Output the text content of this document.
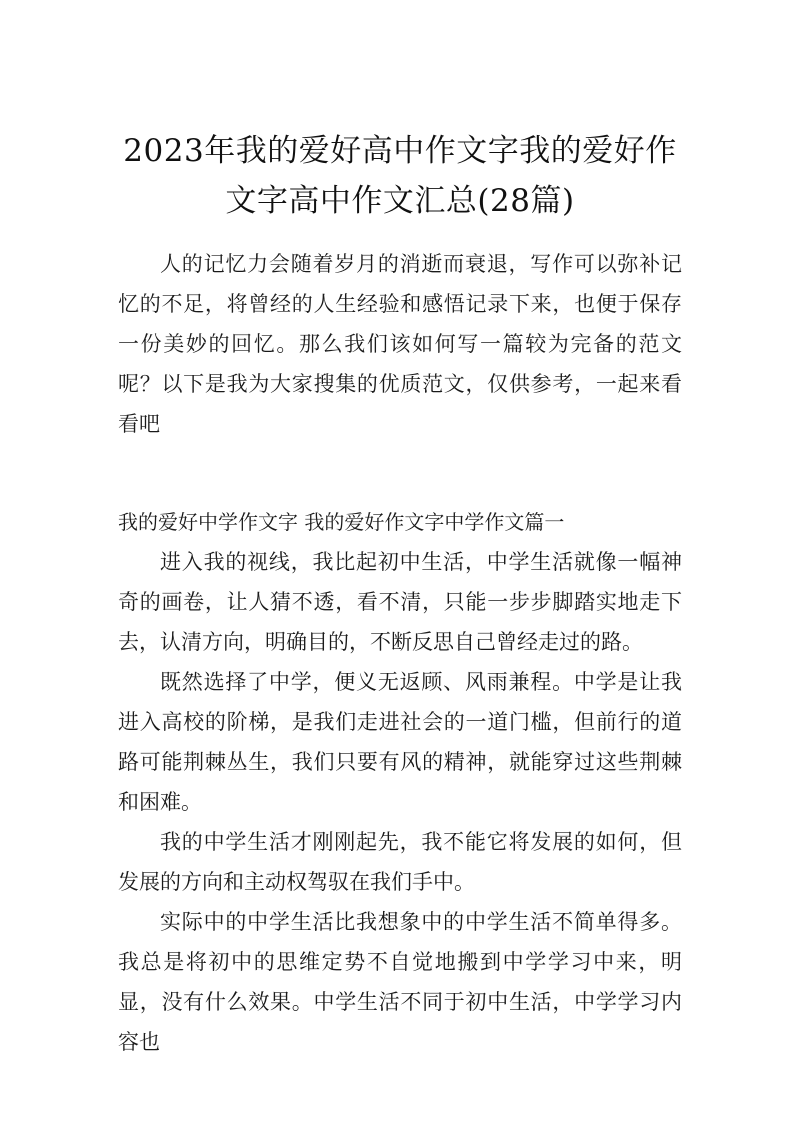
2023年我的爱好高中作文字我的爱好作文字高中作文汇总(28篇)

人的记忆力会随着岁月的消逝而衰退，写作可以弥补记忆的不足，将曾经的人生经验和感悟记录下来，也便于保存一份美妙的回忆。那么我们该如何写一篇较为完备的范文呢？以下是我为大家搜集的优质范文，仅供参考，一起来看看吧

我的爱好中学作文字 我的爱好作文字中学作文篇一

进入我的视线，我比起初中生活，中学生活就像一幅神奇的画卷，让人猜不透，看不清，只能一步步脚踏实地走下去，认清方向，明确目的，不断反思自己曾经走过的路。

既然选择了中学，便义无返顾、风雨兼程。中学是让我进入高校的阶梯，是我们走进社会的一道门槛，但前行的道路可能荆棘丛生，我们只要有风的精神，就能穿过这些荆棘和困难。

我的中学生活才刚刚起先，我不能它将发展的如何，但发展的方向和主动权驾驭在我们手中。

实际中的中学生活比我想象中的中学生活不简单得多。我总是将初中的思维定势不自觉地搬到中学学习中来，明显，没有什么效果。中学生活不同于初中生活，中学学习内容也
